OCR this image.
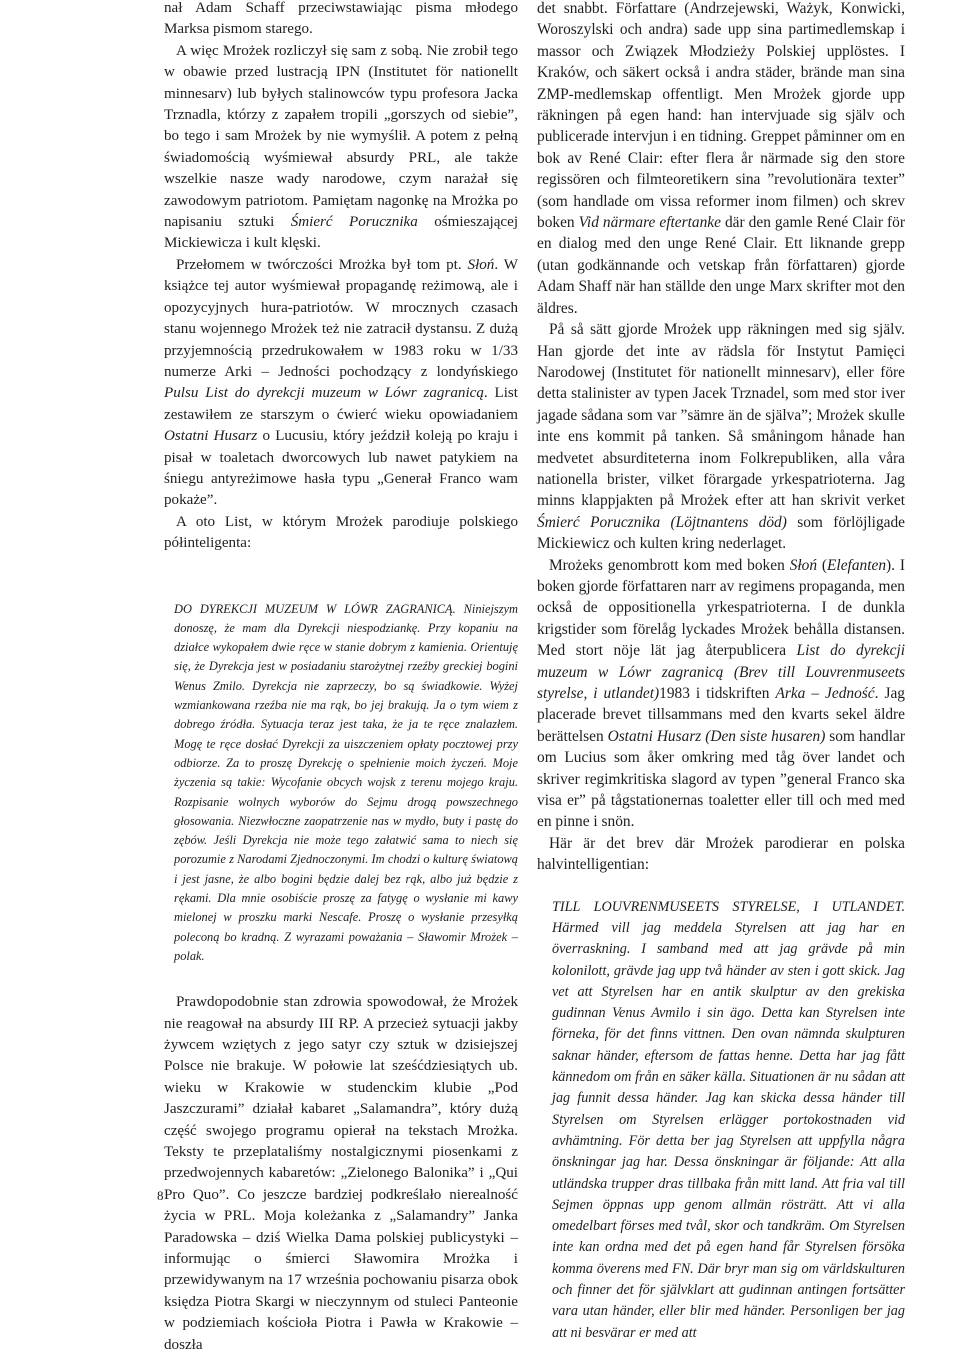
nał Adam Schaff przeciwstawiając pisma młodego Marksa pismom starego.

A więc Mrożek rozliczył się sam z sobą. Nie zrobił tego w obawie przed lustracją IPN (Institutet för nationellt minnesarv) lub byłych stalinowców typu profesora Jacka Trznadla, którzy z zapałem tropili „gorszych od siebie”, bo tego i sam Mrożek by nie wymyślił. A potem z pełną świadomością wyśmiewał absurdy PRL, ale także wszelkie nasze wady narodowe, czym narażał się zawodowym patriotom. Pamiętam nagonkę na Mrożka po napisaniu sztuki Śmierć Porucznika ośmieszającej Mickiewicza i kult klęski.

Przełomem w twórczości Mrożka był tom pt. Słoń. W książce tej autor wyśmiewał propagandę reżimową, ale i opozycyjnych hura-patriotów. W mrocznych czasach stanu wojennego Mrożek też nie zatracił dystansu. Z dużą przyjemnością przedrukowałem w 1983 roku w 1/33 numerze Arki – Jedności pochodzący z londyńskiego Pulsu List do dyrekcji muzeum w Lówr zagranicą. List zestawiłem ze starszym o ćwierć wieku opowiadaniem Ostatni Husarz o Lucusiu, który jeździł koleją po kraju i pisał w toaletach dworcowych lub nawet patykiem na śniegu antyreżimowe hasła typu „Generał Franco wam pokaże”.

A oto List, w którym Mrożek parodiuje polskiego półinteligenta:

DO DYREKCJI MUZEUM W LÓWR ZAGRANICĄ. Niniejszym donoszę, że mam dla Dyrekcji niespodziankę. Przy kopaniu na działce wykopałem dwie ręce w stanie dobrym z kamienia. Orientuję się, że Dyrekcja jest w posiadaniu starożytnej rzeźby greckiej bogini Wenus Zmilo. Dyrekcja nie zaprzeczy, bo są świadkowie. Wyżej wzmiankowana rzeźba nie ma rąk, bo jej brakują. Ja o tym wiem z dobrego źródła. Sytuacja teraz jest taka, że ja te ręce znalazłem. Mogę te ręce dosłać Dyrekcji za uiszczeniem opłaty pocztowej przy odbiorze. Za to proszę Dyrekcję o spełnienie moich życzeń. Moje życzenia są takie: Wycofanie obcych wojsk z terenu mojego kraju. Rozpisanie wolnych wyborów do Sejmu drogą powszechnego głosowania. Niezwłoczne zaopatrzenie nas w mydło, buty i pastę do zębów. Jeśli Dyrekcja nie może tego załatwić sama to niech się porozumie z Narodami Zjednoczonymi. Im chodzi o kulturę światową i jest jasne, że albo bogini będzie dalej bez rąk, albo już będzie z rękami. Dla mnie osobiście proszę za fatygę o wysłanie mi kawy mielonej w proszku marki Nescafe. Proszę o wysłanie przesyłką poleconą bo kradną. Z wyrazami poważania – Sławomir Mrożek – polak.

Prawdopodobnie stan zdrowia spowodował, że Mrożek nie reagował na absurdy III RP. A przecież sytuacji jakby żywcem wziętych z jego satyr czy sztuk w dzisiejszej Polsce nie brakuje. W połowie lat sześćdziesiątych ub. wieku w Krakowie w studenckim klubie „Pod Jaszczurami” działał kabaret „Salamandra”, który dużą część swojego programu opierał na tekstach Mrożka. Teksty te przeplataliśmy nostalgicznymi piosenkami z przedwojennych kabaretów: „Zielonego Balonika” i „Qui Pro Quo”. Co jeszcze bardziej podkreślało nierealność życia w PRL. Moja koleżanka z „Salamandry” Janka Paradowska – dziś Wielka Dama polskiej publicystyki – informując o śmierci Sławomira Mrożka i przewidywanym na 17 września pochowaniu pisarza obok księdza Piotra Skargi w nieczynnym od stuleci Panteonie w podziemiach kościoła Piotra i Pawła w Krakowie – doszła

det snabbt. Författare (Andrzejewski, Ważyk, Konwicki, Woroszylski och andra) sade upp sina partimedlemskap i massor och Związek Młodzieży Polskiej upplöstes. I Kraków, och säkert också i andra städer, brände man sina ZMP-medlemskap offentligt. Men Mrożek gjorde upp räkningen på egen hand: han intervjuade sig själv och publicerade intervjun i en tidning. Greppet påminner om en bok av René Clair: efter flera år närmade sig den store regissören och filmteoretikern sina ”revolutionära texter” (som handlade om vissa reformer inom filmen) och skrev boken Vid närmare eftertanke där den gamle René Clair för en dialog med den unge René Clair. Ett liknande grepp (utan godkännande och vetskap från författaren) gjorde Adam Shaff när han ställde den unge Marx skrifter mot den äldres.

På så sätt gjorde Mrożek upp räkningen med sig själv. Han gjorde det inte av rädsla för Instytut Pamięci Narodowej (Institutet för nationellt minnesarv), eller före detta stalinister av typen Jacek Trznadel, som med stor iver jagade sådana som var ”sämre än de själva”; Mrożek skulle inte ens kommit på tanken. Så småningom hånade han medvetet absurditeterna inom Folkrepubliken, alla våra nationella brister, vilket förargade yrkespatrioterna. Jag minns klappjakten på Mrożek efter att han skrivit verket Śmierć Porucznika (Löjtnantens död) som förlöjligade Mickiewicz och kulten kring nederlaget.

Mrożeks genombrott kom med boken Słoń (Elefanten). I boken gjorde författaren narr av regimens propaganda, men också de oppositionella yrkespatrioterna. I de dunkla krigstider som förelåg lyckades Mrożek behålla distansen. Med stort nöje lät jag återpublicera List do dyrekcji muzeum w Lówr zagranicą (Brev till Louvrenmuseets styrelse, i utlandet)1983 i tidskriften Arka – Jedność. Jag placerade brevet tillsammans med den kvarts sekel äldre berättelsen Ostatni Husarz (Den siste husaren) som handlar om Lucius som åker omkring med tåg över landet och skriver regimkritiska slagord av typen ”general Franco ska visa er” på tågstationernas toaletter eller till och med med en pinne i snön.

Här är det brev där Mrożek parodierar en polska halvintelligentian:

TILL LOUVRENMUSEETS STYRELSE, I UTLANDET. Härmed vill jag meddela Styrelsen att jag har en överraskning. I samband med att jag grävde på min kolonilott, grävde jag upp två händer av sten i gott skick. Jag vet att Styrelsen har en antik skulptur av den grekiska gudinnan Venus Avmilo i sin ägo. Detta kan Styrelsen inte förneka, för det finns vittnen. Den ovan nämnda skulpturen saknar händer, eftersom de fattas henne. Detta har jag fått kännedom om från en säker källa. Situationen är nu sådan att jag funnit dessa händer. Jag kan skicka dessa händer till Styrelsen om Styrelsen erlägger portokostnaden vid avhämtning. För detta ber jag Styrelsen att uppfylla några önskningar jag har. Dessa önskningar är följande: Att alla utländska trupper dras tillbaka från mitt land. Att fria val till Sejmen öppnas upp genom allmän rösträtt. Att vi alla omedelbart förses med tvål, skor och tandkräm. Om Styrelsen inte kan ordna med det på egen hand får Styrelsen försöka komma överens med FN. Där bryr man sig om världskulturen och finner det för självklart att gudinnan antingen fortsätter vara utan händer, eller blir med händer. Personligen ber jag att ni besvärar er med att

8
